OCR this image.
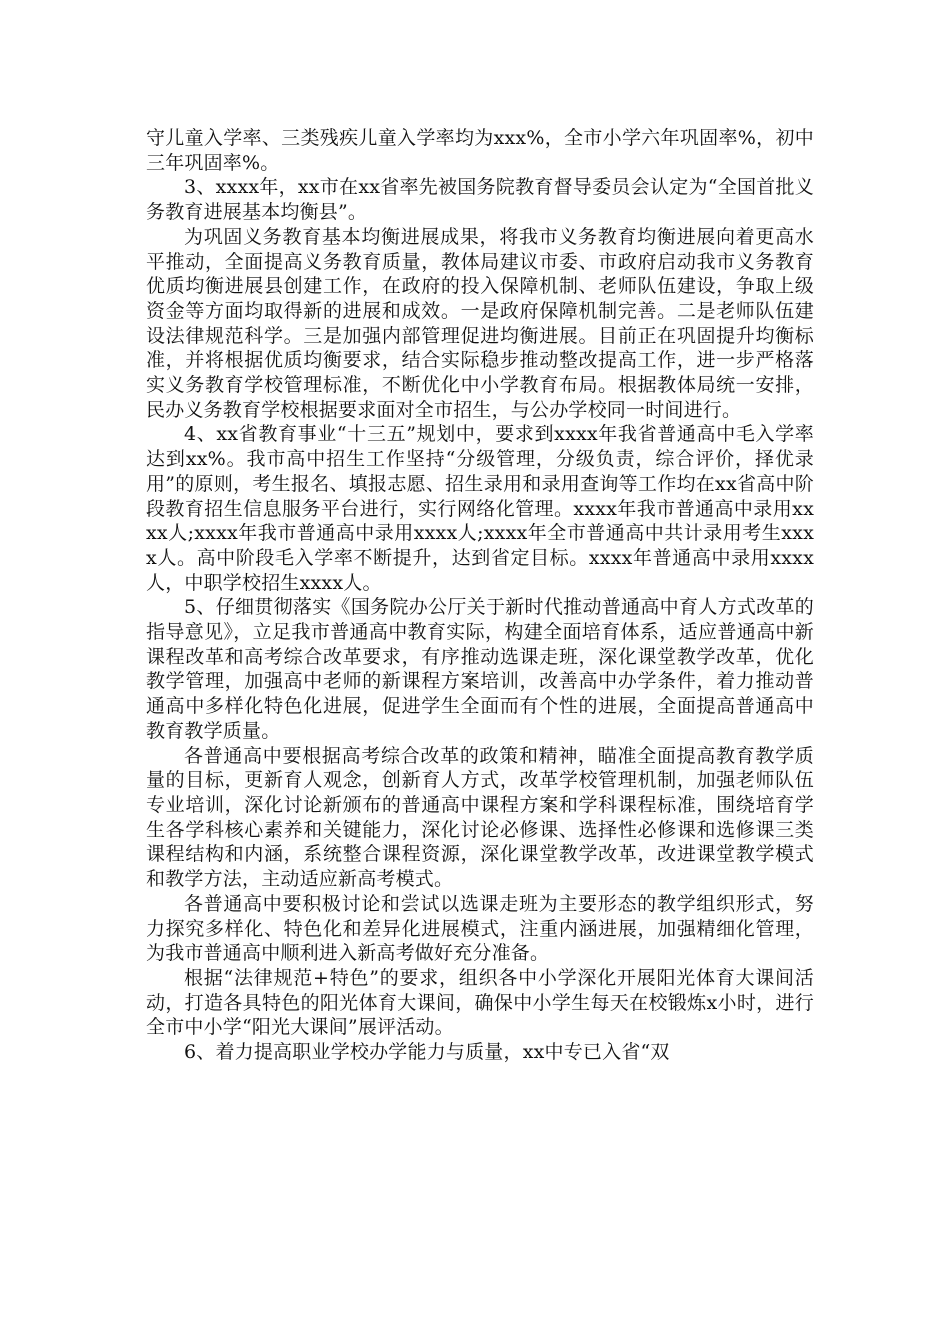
守儿童入学率、三类残疾儿童入学率均为xxx%，全市小学六年巩固率%，初中三年巩固率%。

3、xxxx年，xx市在xx省率先被国务院教育督导委员会认定为“全国首批义务教育进展基本均衡县”。

为巩固义务教育基本均衡进展成果，将我市义务教育均衡进展向着更高水平推动，全面提高义务教育质量，教体局建议市委、市政府启动我市义务教育优质均衡进展县创建工作，在政府的投入保障机制、老师队伍建设，争取上级资金等方面均取得新的进展和成效。一是政府保障机制完善。二是老师队伍建设法律规范科学。三是加强内部管理促进均衡进展。目前正在巩固提升均衡标准，并将根据优质均衡要求，结合实际稳步推动整改提高工作，进一步严格落实义务教育学校管理标准，不断优化中小学教育布局。根据教体局统一安排，民办义务教育学校根据要求面对全市招生，与公办学校同一时间进行。

4、xx省教育事业“十三五”规划中，要求到xxxx年我省普通高中毛入学率达到xx%。我市高中招生工作坚持“分级管理，分级负责，综合评价，择优录用”的原则，考生报名、填报志愿、招生录用和录用查询等工作均在xx省高中阶段教育招生信息服务平台进行，实行网络化管理。xxxx年我市普通高中录用xxxx人;xxxx年我市普通高中录用xxxx人;xxxx年全市普通高中共计录用考生xxxx人。高中阶段毛入学率不断提升，达到省定目标。xxxx年普通高中录用xxxx人，中职学校招生xxxx人。

5、仔细贯彻落实《国务院办公厅关于新时代推动普通高中育人方式改革的指导意见》，立足我市普通高中教育实际，构建全面培育体系，适应普通高中新课程改革和高考综合改革要求，有序推动选课走班，深化课堂教学改革，优化教学管理，加强高中老师的新课程方案培训，改善高中办学条件，着力推动普通高中多样化特色化进展，促进学生全面而有个性的进展，全面提高普通高中教育教学质量。

各普通高中要根据高考综合改革的政策和精神，瞄准全面提高教育教学质量的目标，更新育人观念，创新育人方式，改革学校管理机制，加强老师队伍专业培训，深化讨论新颁布的普通高中课程方案和学科课程标准，围绕培育学生各学科核心素养和关键能力，深化讨论必修课、选择性必修课和选修课三类课程结构和内涵，系统整合课程资源，深化课堂教学改革，改进课堂教学模式和教学方法，主动适应新高考模式。

各普通高中要积极讨论和尝试以选课走班为主要形态的教学组织形式，努力探究多样化、特色化和差异化进展模式，注重内涵进展，加强精细化管理，为我市普通高中顺利进入新高考做好充分准备。

根据“法律规范+特色”的要求，组织各中小学深化开展阳光体育大课间活动，打造各具特色的阳光体育大课间，确保中小学生每天在校锻炼x小时，进行全市中小学“阳光大课间”展评活动。

6、着力提高职业学校办学能力与质量，xx中专已入省“双
